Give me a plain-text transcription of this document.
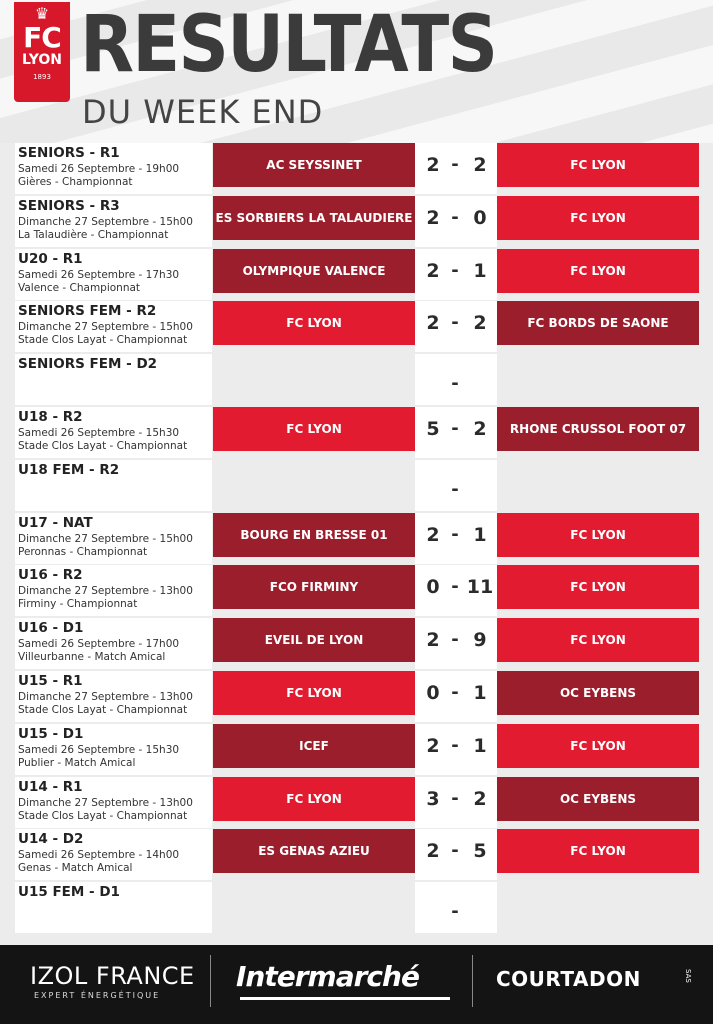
♛
FC
LYON
1893 RESULTATS
DU WEEK END
SENIORS - R1
Samedi 26 Septembre - 19h00
Gières - Championnat
AC SEYSSINET	2 - 2	FC LYON
SENIORS - R3
Dimanche 27 Septembre - 15h00
La Talaudière - Championnat
ES SORBIERS LA TALAUDIERE 2 - 0	FC LYON
U20 - R1
Samedi 26 Septembre - 17h30
Valence - Championnat
OLYMPIQUE VALENCE	2 - 1	FC LYON
SENIORS FEM - R2
Dimanche 27 Septembre - 15h00
Stade Clos Layat - Championnat
FC LYON	2 - 2	FC BORDS DE SAONE
SENIORS FEM - D2
-
U18 - R2
Samedi 26 Septembre - 15h30
Stade Clos Layat - Championnat
FC LYON	5 - 2	RHONE CRUSSOL FOOT 07
U18 FEM - R2
-
U17 - NAT
Dimanche 27 Septembre - 15h00
Peronnas - Championnat
BOURG EN BRESSE 01	2 - 1	FC LYON
U16 - R2
Dimanche 27 Septembre - 13h00
Firminy - Championnat
FCO FIRMINY	0 - 11	FC LYON
U16 - D1
Samedi 26 Septembre - 17h00
Villeurbanne - Match Amical
EVEIL DE LYON	2 - 9	FC LYON
U15 - R1
Dimanche 27 Septembre - 13h00
Stade Clos Layat - Championnat
FC LYON	0 - 1	OC EYBENS
U15 - D1
Samedi 26 Septembre - 15h30
Publier - Match Amical
ICEF	2 - 1	FC LYON
U14 - R1
Dimanche 27 Septembre - 13h00
Stade Clos Layat - Championnat
FC LYON	3 - 2	OC EYBENS
U14 - D2
Samedi 26 Septembre - 14h00
Genas - Match Amical
ES GENAS AZIEU	2 - 5	FC LYON
U15 FEM - D1
-
IZOL FRANCE
EXPERT ÉNERGÉTIQUE
Intermarché	COURTADON	SAS
